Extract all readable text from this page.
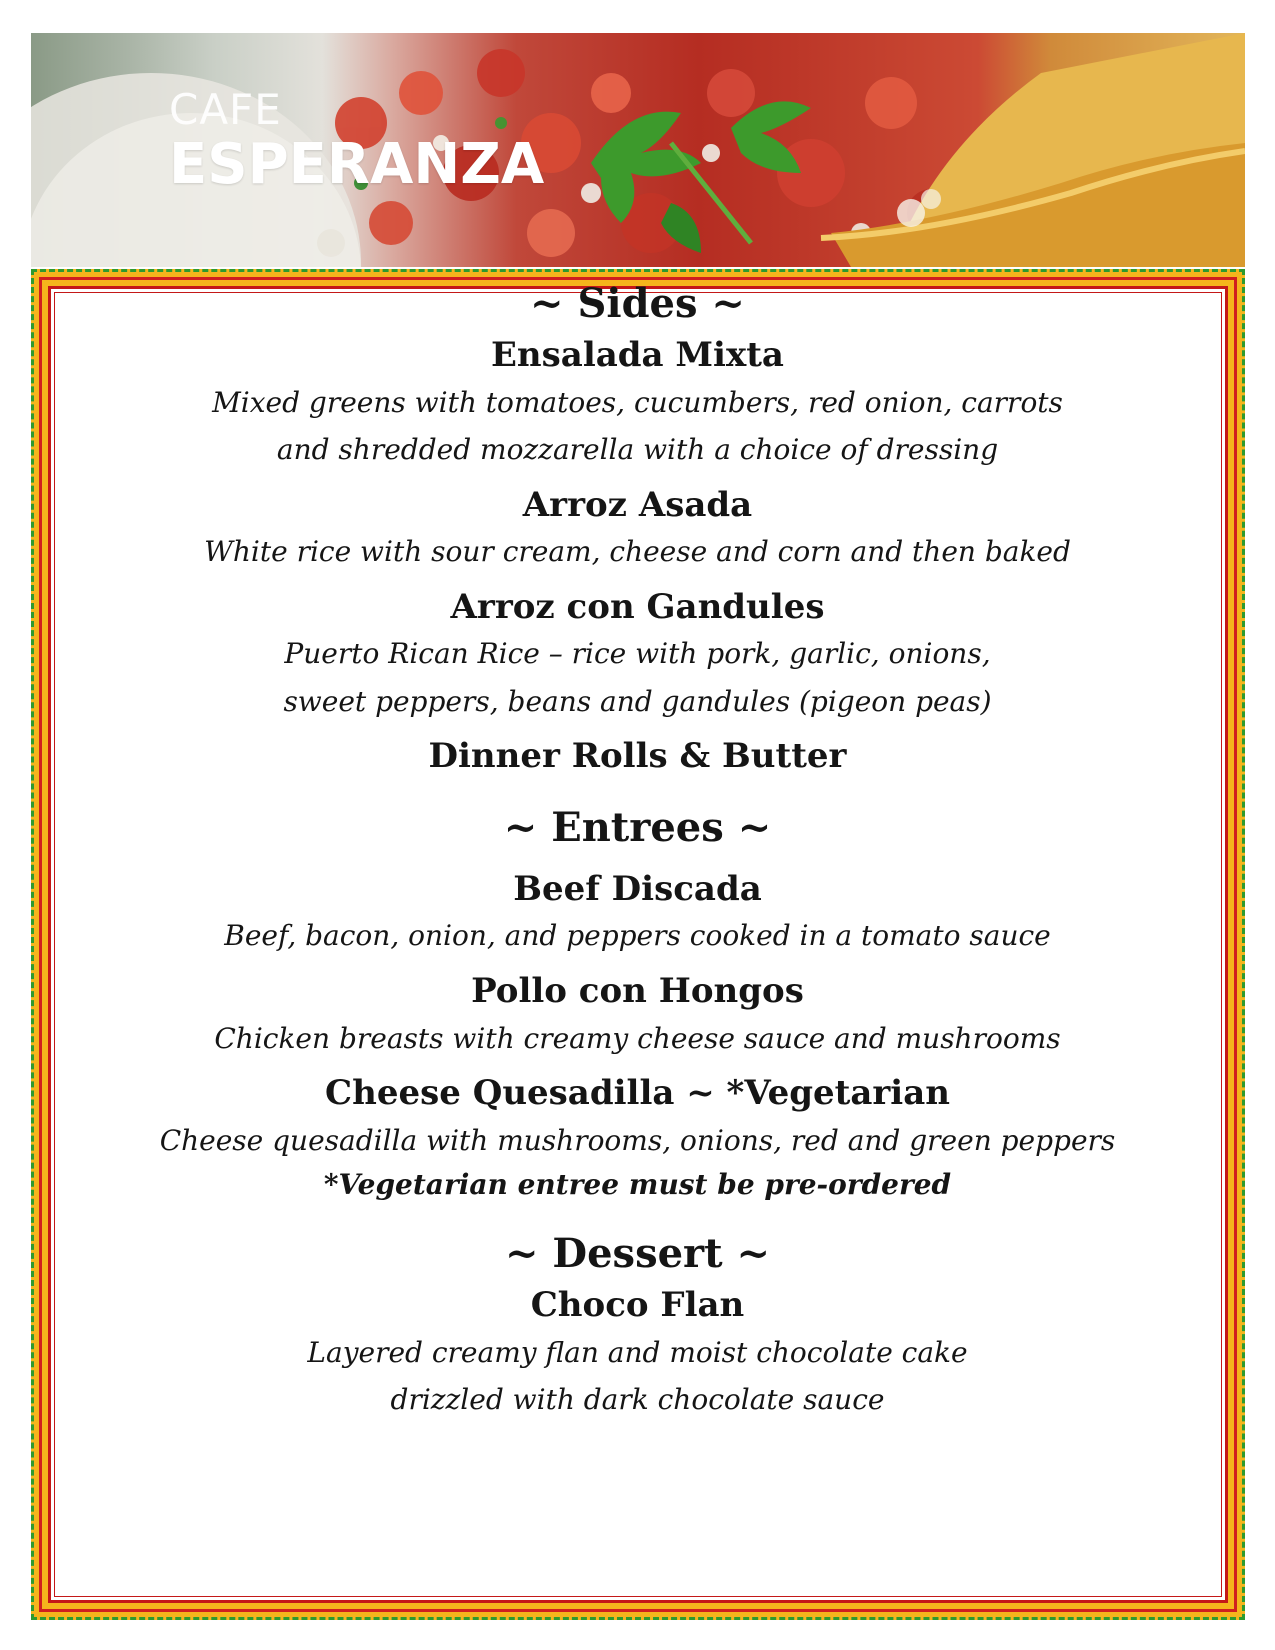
CAFE
ESPERANZA
~ Sides ~
Ensalada Mixta
Mixed greens with tomatoes, cucumbers, red onion, carrots
and shredded mozzarella with a choice of dressing
Arroz Asada
White rice with sour cream, cheese and corn and then baked
Arroz con Gandules
Puerto Rican Rice – rice with pork, garlic, onions,
sweet peppers, beans and gandules (pigeon peas)
Dinner Rolls & Butter
~ Entrees ~
Beef Discada
Beef, bacon, onion, and peppers cooked in a tomato sauce
Pollo con Hongos
Chicken breasts with creamy cheese sauce and mushrooms
Cheese Quesadilla ~ *Vegetarian
Cheese quesadilla with mushrooms, onions, red and green peppers
*Vegetarian entree must be pre-ordered
~ Dessert ~
Choco Flan
Layered creamy flan and moist chocolate cake
drizzled with dark chocolate sauce
